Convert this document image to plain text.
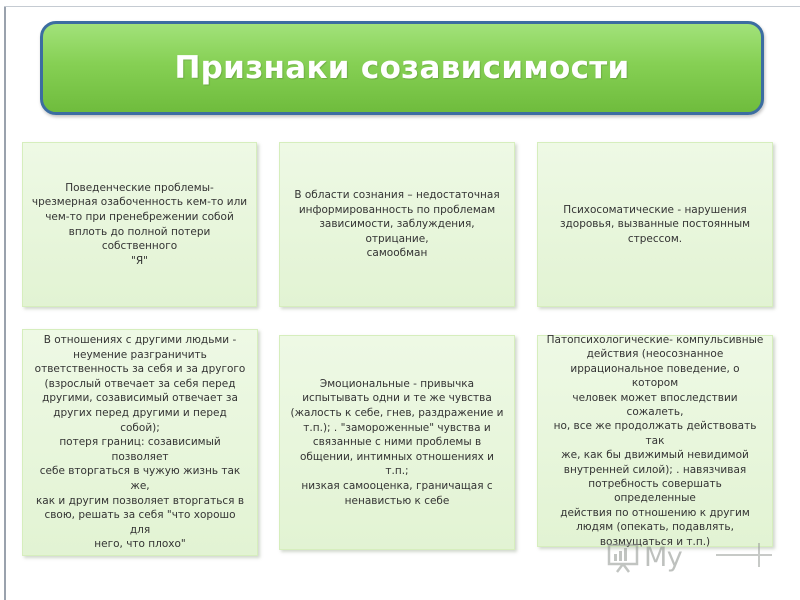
Признаки созависимости
Поведенческие проблемы-
чрезмерная озабоченность кем-то или
чем-то при пренебрежении собой
вплоть до полной потери собственного
"Я"
В области сознания – недостаточная
информированность по проблемам
зависимости, заблуждения, отрицание,
самообман
Психосоматические - нарушения
здоровья, вызванные постоянным
стрессом.
В отношениях с другими людьми -
неумение разграничить
ответственность за себя и за другого
(взрослый отвечает за себя перед
другими, созависимый отвечает за
других перед другими и перед собой);
потеря границ: созависимый позволяет
себе вторгаться в чужую жизнь так же,
как и другим позволяет вторгаться в
свою, решать за себя "что хорошо для
него, что плохо"
Эмоциональные - привычка
испытывать одни и те же чувства
(жалость к себе, гнев, раздражение и
т.п.); . "замороженные" чувства и
связанные с ними проблемы в
общении, интимных отношениях и т.п.;
низкая самооценка, граничащая с
ненавистью к себе
Патопсихологические- компульсивные
действия (неосознанное
иррациональное поведение, о котором
человек может впоследствии сожалеть,
но, все же продолжать действовать так
же, как бы движимый невидимой
внутренней силой); . навязчивая
потребность совершать определенные
действия по отношению к другим
людям (опекать, подавлять,
возмущаться и т.п.)
My
